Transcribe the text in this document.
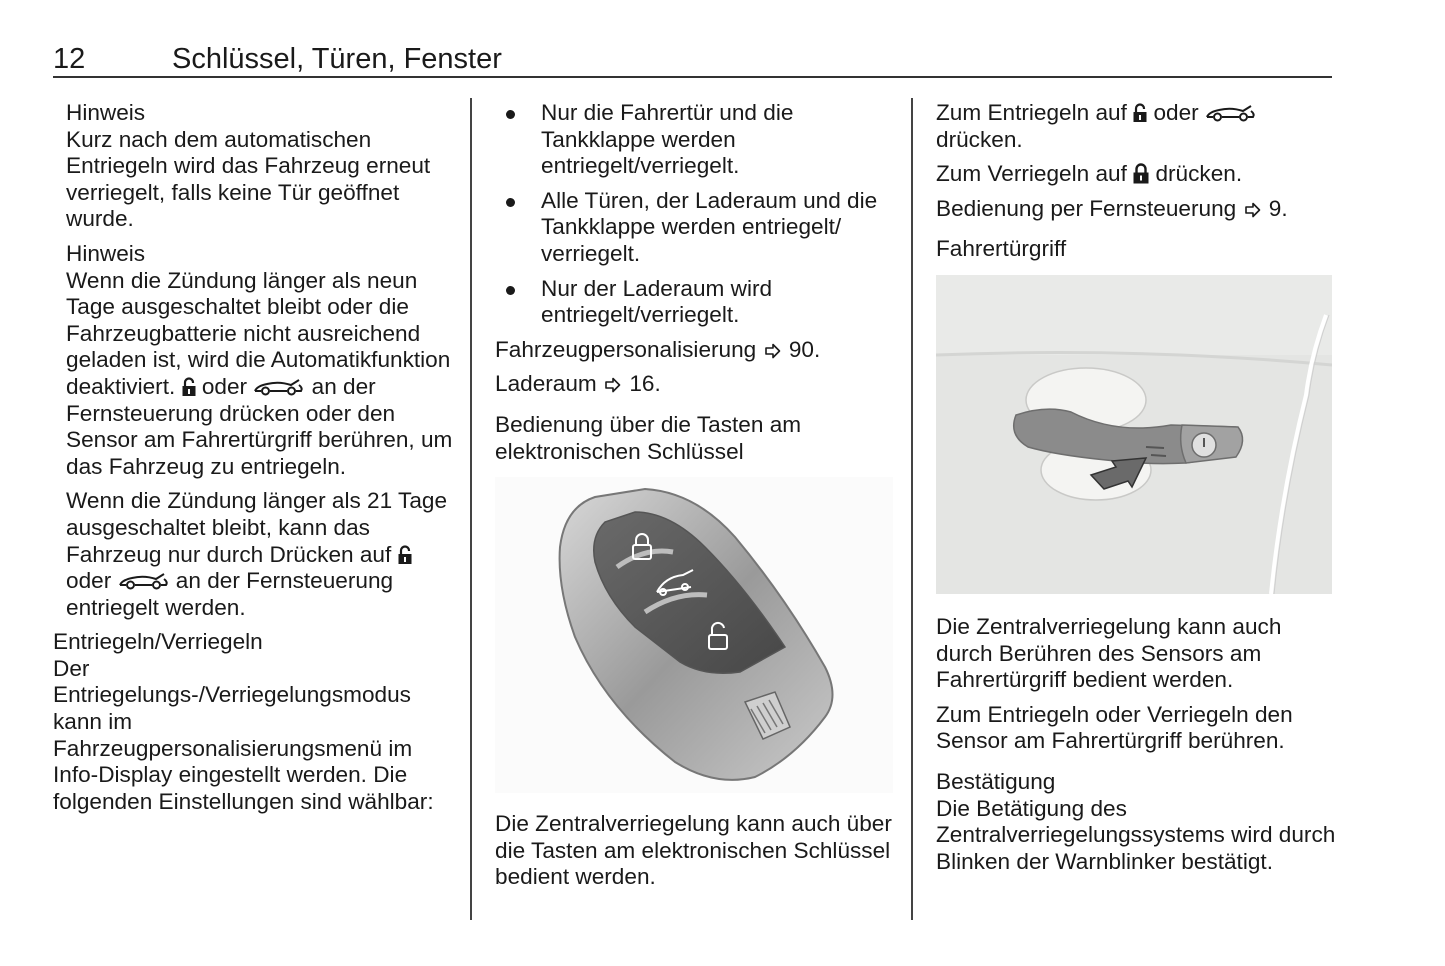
12	Schlüssel, Türen, Fenster

Hinweis
Kurz nach dem automatischen Entriegeln wird das Fahrzeug erneut verriegelt, falls keine Tür geöffnet wurde.

Hinweis
Wenn die Zündung länger als neun Tage ausgeschaltet bleibt oder die Fahrzeugbatterie nicht ausreichend geladen ist, wird die Automatikfunktion deaktiviert. oder	an der Fernsteuerung drücken oder den Sensor am Fahrertürgriff berühren, um das Fahrzeug zu entriegeln.

Wenn die Zündung länger als 21 Tage ausgeschaltet bleibt, kann das Fahrzeug nur durch Drücken auf  oder	an der Fernsteuerung entriegelt werden.

Entriegeln/Verriegeln

Der Entriegelungs-/Verriegelungsmodus kann im Fahrzeugpersonalisierungsmenü im Info-Display eingestellt werden. Die folgenden Einstellungen sind wählbar:

Nur die Fahrertür und die Tankklappe werden entriegelt/verriegelt.
Alle Türen, der Laderaum und die Tankklappe werden entriegelt/ verriegelt.
Nur der Laderaum wird entriegelt/verriegelt.

Fahrzeugpersonalisierung 90.

Laderaum 16.

Bedienung über die Tasten am elektronischen Schlüssel

Die Zentralverriegelung kann auch über die Tasten am elektronischen Schlüssel bedient werden.

Zum Entriegeln auf oder  drücken.

Zum Verriegeln auf drücken.

Bedienung per Fernsteuerung 9.

Fahrertürgriff

Die Zentralverriegelung kann auch durch Berühren des Sensors am Fahrertürgriff bedient werden.

Zum Entriegeln oder Verriegeln den Sensor am Fahrertürgriff berühren.

Bestätigung

Die Betätigung des Zentralverriegelungssystems wird durch Blinken der Warnblinker bestätigt.
